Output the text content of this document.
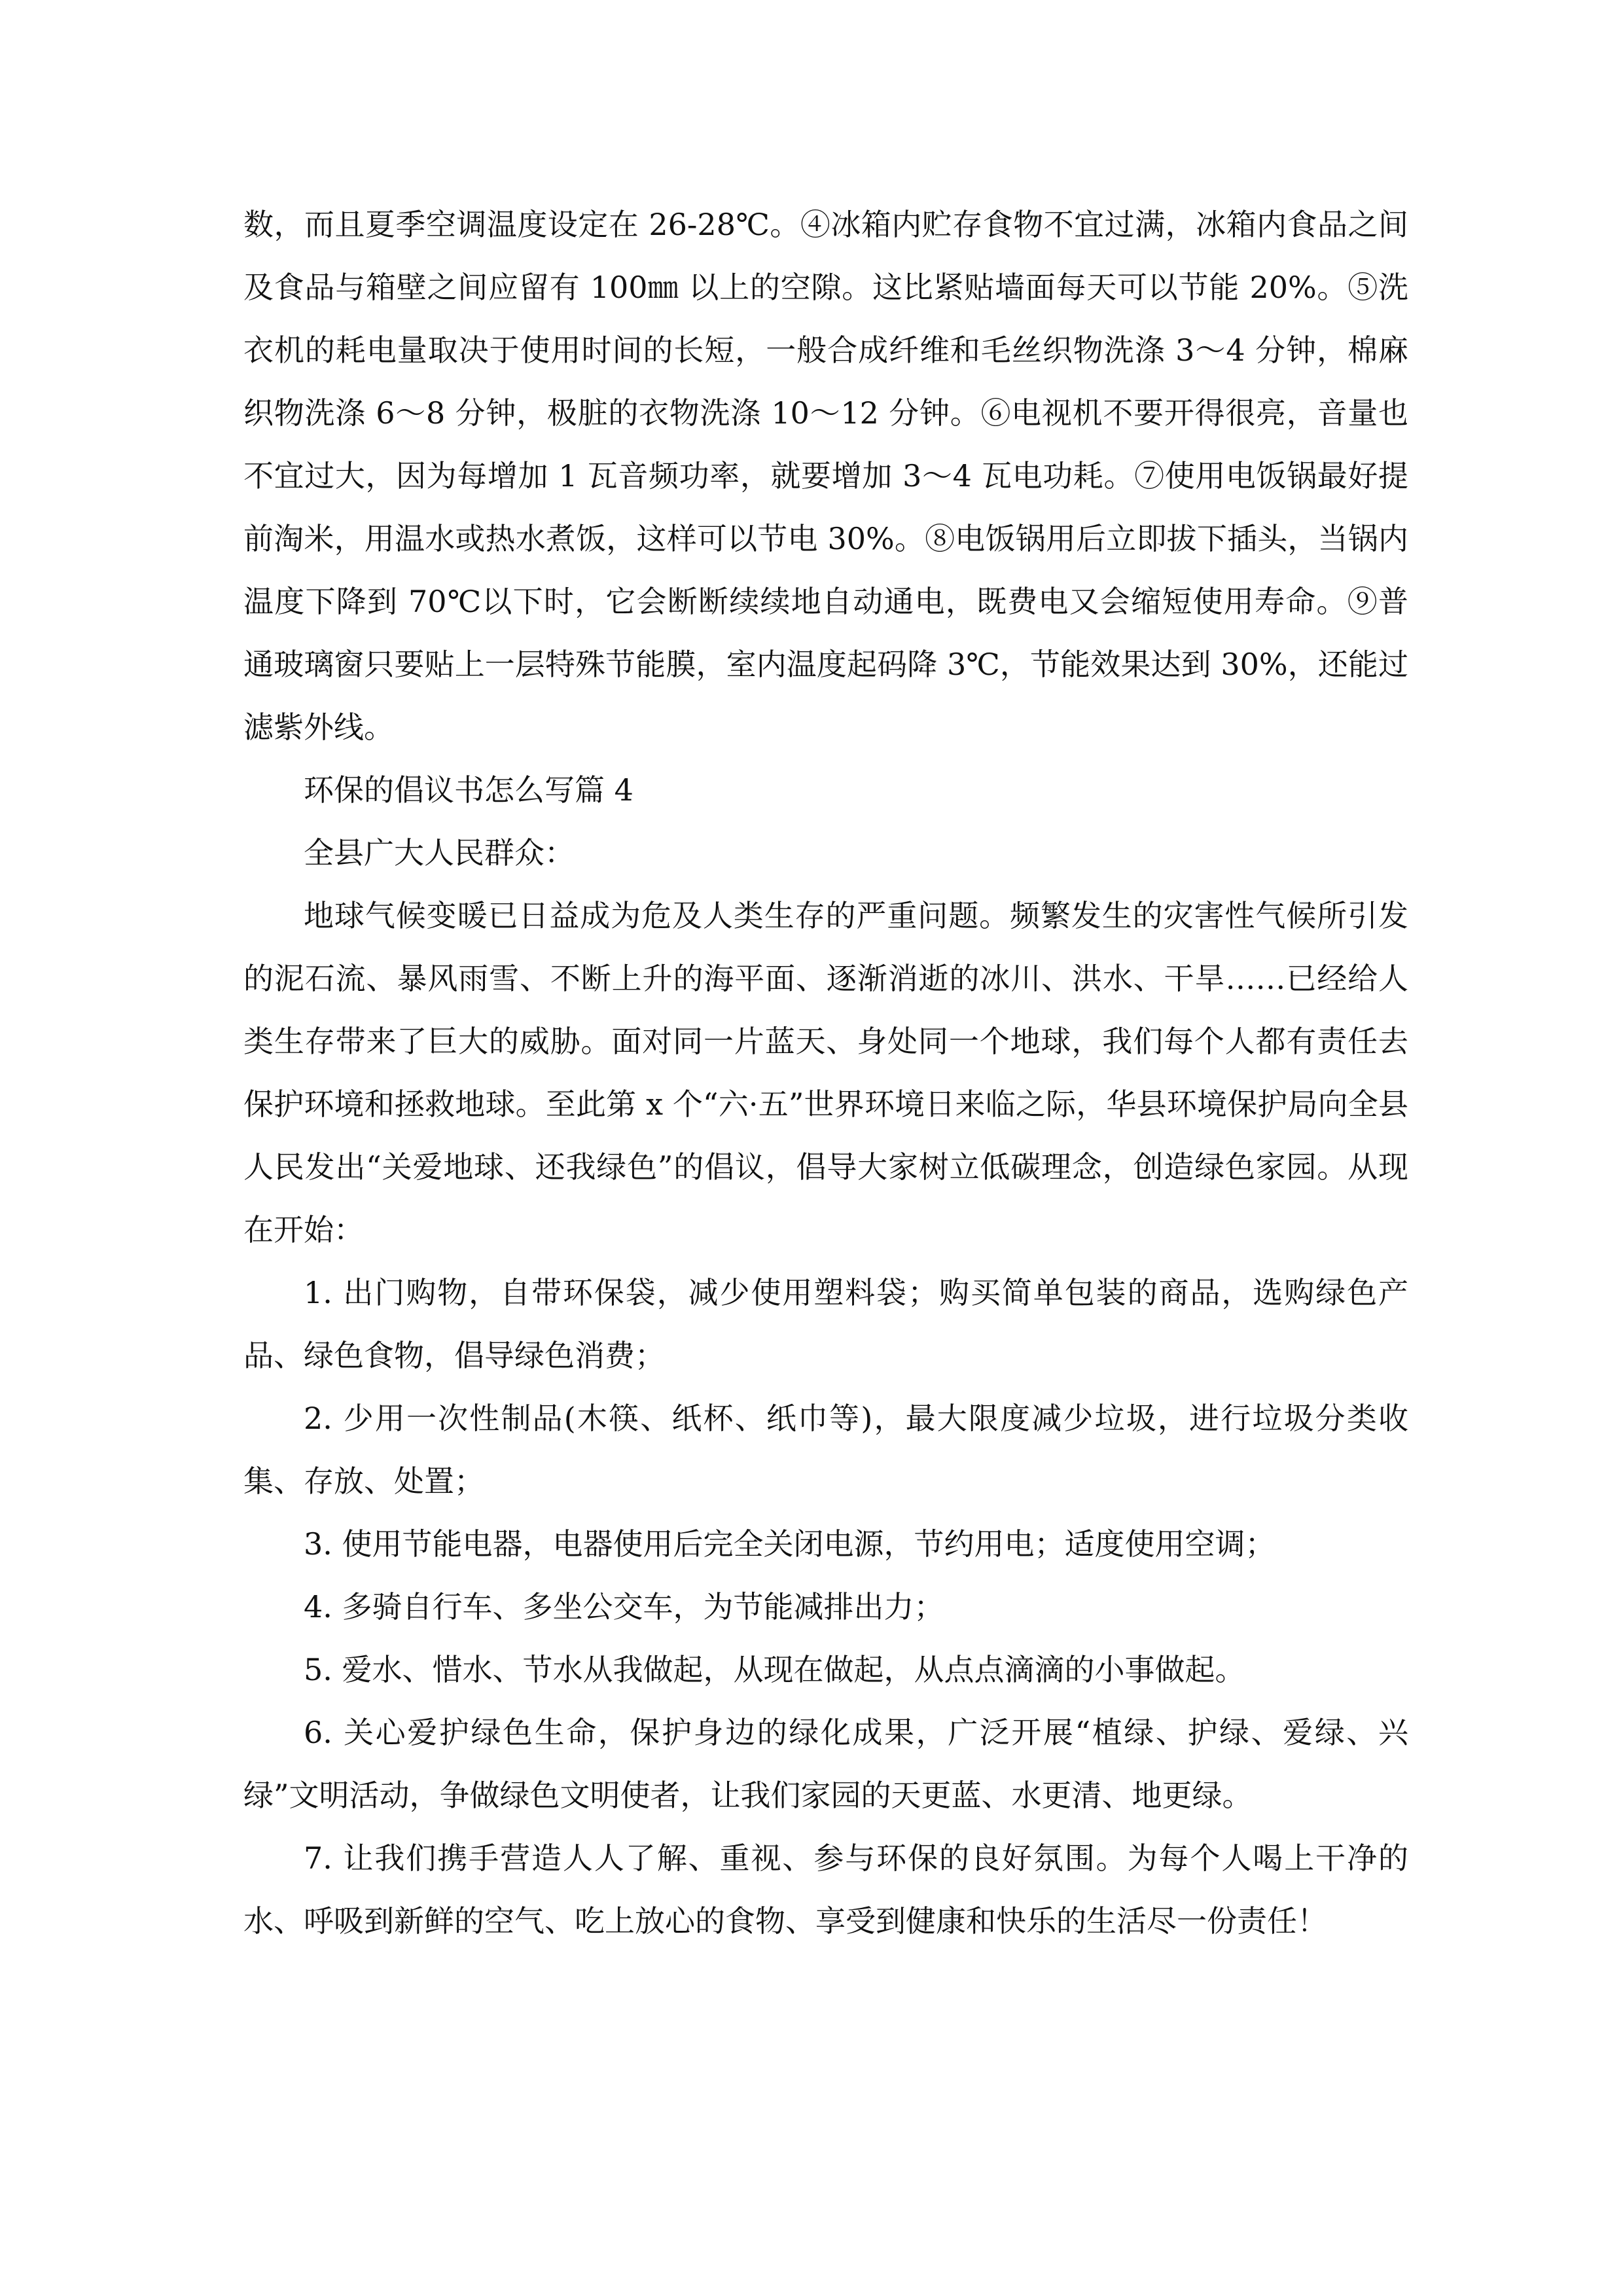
数，而且夏季空调温度设定在 26-28℃。④冰箱内贮存食物不宜过满，冰箱内食品之间及食品与箱壁之间应留有 100㎜ 以上的空隙。这比紧贴墙面每天可以节能 20%。⑤洗衣机的耗电量取决于使用时间的长短，一般合成纤维和毛丝织物洗涤 3～4 分钟，棉麻织物洗涤 6～8 分钟，极脏的衣物洗涤 10～12 分钟。⑥电视机不要开得很亮，音量也不宜过大，因为每增加 1 瓦音频功率，就要增加 3～4 瓦电功耗。⑦使用电饭锅最好提前淘米，用温水或热水煮饭，这样可以节电 30%。⑧电饭锅用后立即拔下插头，当锅内温度下降到 70℃以下时，它会断断续续地自动通电，既费电又会缩短使用寿命。⑨普通玻璃窗只要贴上一层特殊节能膜，室内温度起码降 3℃，节能效果达到 30%，还能过滤紫外线。

环保的倡议书怎么写篇 4

全县广大人民群众：

地球气候变暖已日益成为危及人类生存的严重问题。频繁发生的灾害性气候所引发的泥石流、暴风雨雪、不断上升的海平面、逐渐消逝的冰川、洪水、干旱……已经给人类生存带来了巨大的威胁。面对同一片蓝天、身处同一个地球，我们每个人都有责任去保护环境和拯救地球。至此第 x 个“六·五”世界环境日来临之际，华县环境保护局向全县人民发出“关爱地球、还我绿色”的倡议，倡导大家树立低碳理念，创造绿色家园。从现在开始：

1. 出门购物，自带环保袋，减少使用塑料袋；购买简单包装的商品，选购绿色产品、绿色食物，倡导绿色消费；

2. 少用一次性制品(木筷、纸杯、纸巾等)，最大限度减少垃圾，进行垃圾分类收集、存放、处置；

3. 使用节能电器，电器使用后完全关闭电源，节约用电；适度使用空调；

4. 多骑自行车、多坐公交车，为节能减排出力；

5. 爱水、惜水、节水从我做起，从现在做起，从点点滴滴的小事做起。

6. 关心爱护绿色生命，保护身边的绿化成果，广泛开展“植绿、护绿、爱绿、兴绿”文明活动，争做绿色文明使者，让我们家园的天更蓝、水更清、地更绿。

7. 让我们携手营造人人了解、重视、参与环保的良好氛围。为每个人喝上干净的水、呼吸到新鲜的空气、吃上放心的食物、享受到健康和快乐的生活尽一份责任！
